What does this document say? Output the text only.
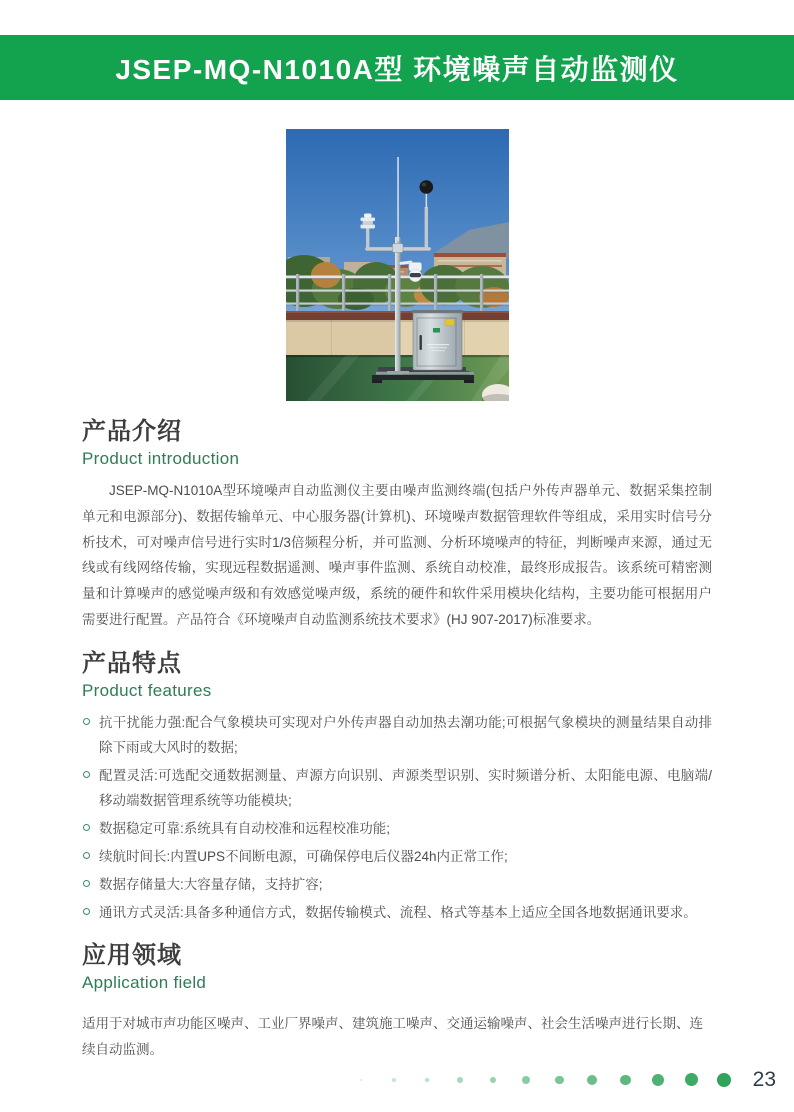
JSEP-MQ-N1010A型 环境噪声自动监测仪
产品介绍
Product introduction

JSEP-MQ-N1010A型环境噪声自动监测仪主要由噪声监测终端(包括户外传声器单元、数据采集控制单元和电源部分)、数据传输单元、中心服务器(计算机)、环境噪声数据管理软件等组成，采用实时信号分析技术，可对噪声信号进行实时1/3倍频程分析，并可监测、分析环境噪声的特征，判断噪声来源，通过无线或有线网络传输，实现远程数据遥测、噪声事件监测、系统自动校准，最终形成报告。该系统可精密测量和计算噪声的感觉噪声级和有效感觉噪声级，系统的硬件和软件采用模块化结构，主要功能可根据用户需要进行配置。产品符合《环境噪声自动监测系统技术要求》(HJ 907-2017)标准要求。

产品特点
Product features
抗干扰能力强:配合气象模块可实现对户外传声器自动加热去潮功能;可根据气象模块的测量结果自动排除下雨或大风时的数据;
配置灵活:可选配交通数据测量、声源方向识别、声源类型识别、实时频谱分析、太阳能电源、电脑端/移动端数据管理系统等功能模块;
数据稳定可靠:系统具有自动校准和远程校准功能;
续航时间长:内置UPS不间断电源，可确保停电后仪器24h内正常工作;
数据存储量大:大容量存储，支持扩容;
通讯方式灵活:具备多种通信方式，数据传输模式、流程、格式等基本上适应全国各地数据通讯要求。
应用领域
Application field

适用于对城市声功能区噪声、工业厂界噪声、建筑施工噪声、交通运输噪声、社会生活噪声进行长期、连续自动监测。

23
